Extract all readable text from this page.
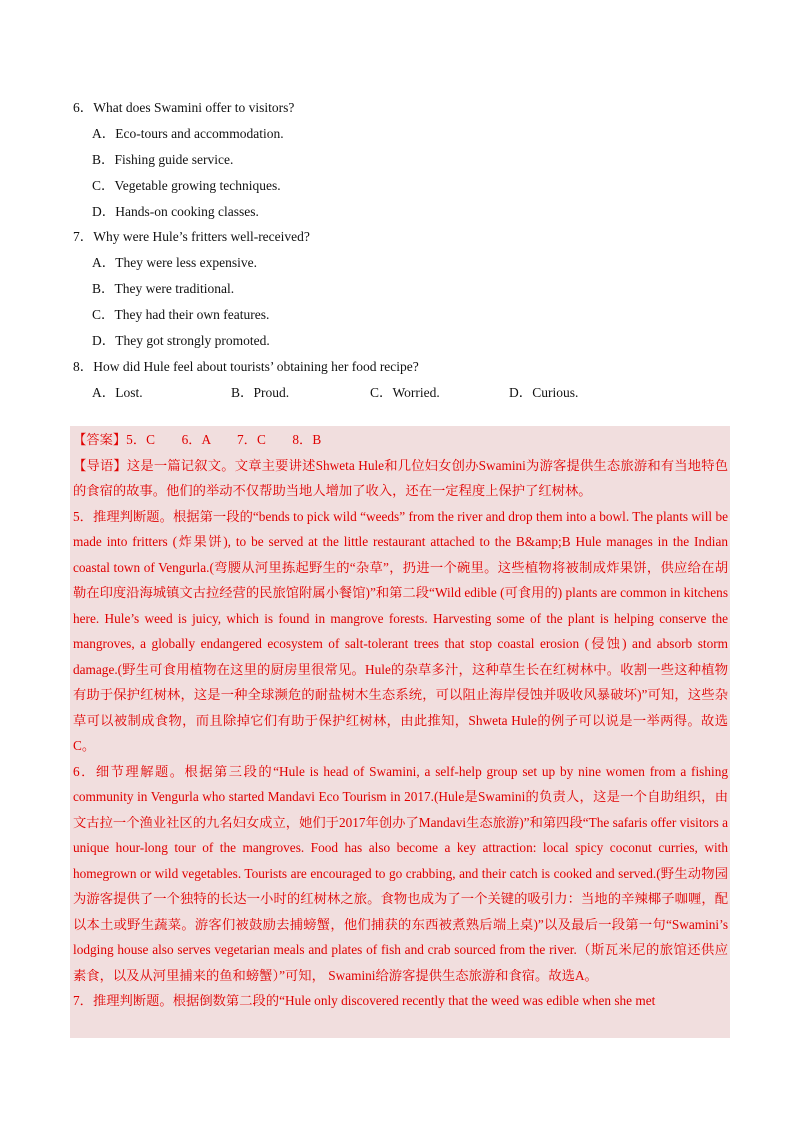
6．What does Swamini offer to visitors?
A．Eco-tours and accommodation.
B．Fishing guide service.
C．Vegetable growing techniques.
D．Hands-on cooking classes.
7．Why were Hule’s fritters well-received?
A．They were less expensive.
B．They were traditional.
C．They had their own features.
D．They got strongly promoted.
8．How did Hule feel about tourists’ obtaining her food recipe?
A．Lost.	B．Proud.	C．Worried.	D．Curious.

【答案】5．C　　6．A　　7．C　　8．B

【导语】这是一篇记叙文。文章主要讲述Shweta Hule和几位妇女创办Swamini为游客提供生态旅游和有当地特色的食宿的故事。他们的举动不仅帮助当地人增加了收入，还在一定程度上保护了红树林。

5．推理判断题。根据第一段的“bends to pick wild “weeds” from the river and drop them into a bowl. The plants will be made into fritters (炸果饼), to be served at the little restaurant attached to the B&amp;B Hule manages in the Indian coastal town of Vengurla.(弯腰从河里拣起野生的“杂草”，扔进一个碗里。这些植物将被制成炸果饼，供应给在胡勒在印度沿海城镇文古拉经营的民旅馆附属小餐馆)”和第二段“Wild edible (可食用的) plants are common in kitchens here. Hule’s weed is juicy, which is found in mangrove forests. Harvesting some of the plant is helping conserve the mangroves, a globally endangered ecosystem of salt-tolerant trees that stop coastal erosion (侵蚀) and absorb storm damage.(野生可食用植物在这里的厨房里很常见。Hule的杂草多汁，这种草生长在红树林中。收割一些这种植物有助于保护红树林，这是一种全球濒危的耐盐树木生态系统，可以阻止海岸侵蚀并吸收风暴破坏)”可知，这些杂草可以被制成食物，而且除掉它们有助于保护红树林，由此推知，Shweta Hule的例子可以说是一举两得。故选C。

6．细节理解题。根据第三段的“Hule is head of Swamini, a self-help group set up by nine women from a fishing community in Vengurla who started Mandavi Eco Tourism in 2017.(Hule是Swamini的负责人，这是一个自助组织，由文古拉一个渔业社区的九名妇女成立，她们于2017年创办了Mandavi生态旅游)”和第四段“The safaris offer visitors a unique hour-long tour of the mangroves. Food has also become a key attraction: local spicy coconut curries, with homegrown or wild vegetables. Tourists are encouraged to go crabbing, and their catch is cooked and served.(野生动物园为游客提供了一个独特的长达一小时的红树林之旅。食物也成为了一个关键的吸引力：当地的辛辣椰子咖喱，配以本土或野生蔬菜。游客们被鼓励去捕螃蟹，他们捕获的东西被煮熟后端上桌)”以及最后一段第一句“Swamini’s lodging house also serves vegetarian meals and plates of fish and crab sourced from the river.（斯瓦米尼的旅馆还供应素食，以及从河里捕来的鱼和螃蟹）”可知， Swamini给游客提供生态旅游和食宿。故选A。

7．推理判断题。根据倒数第二段的“Hule only discovered recently that the weed was edible when she met
